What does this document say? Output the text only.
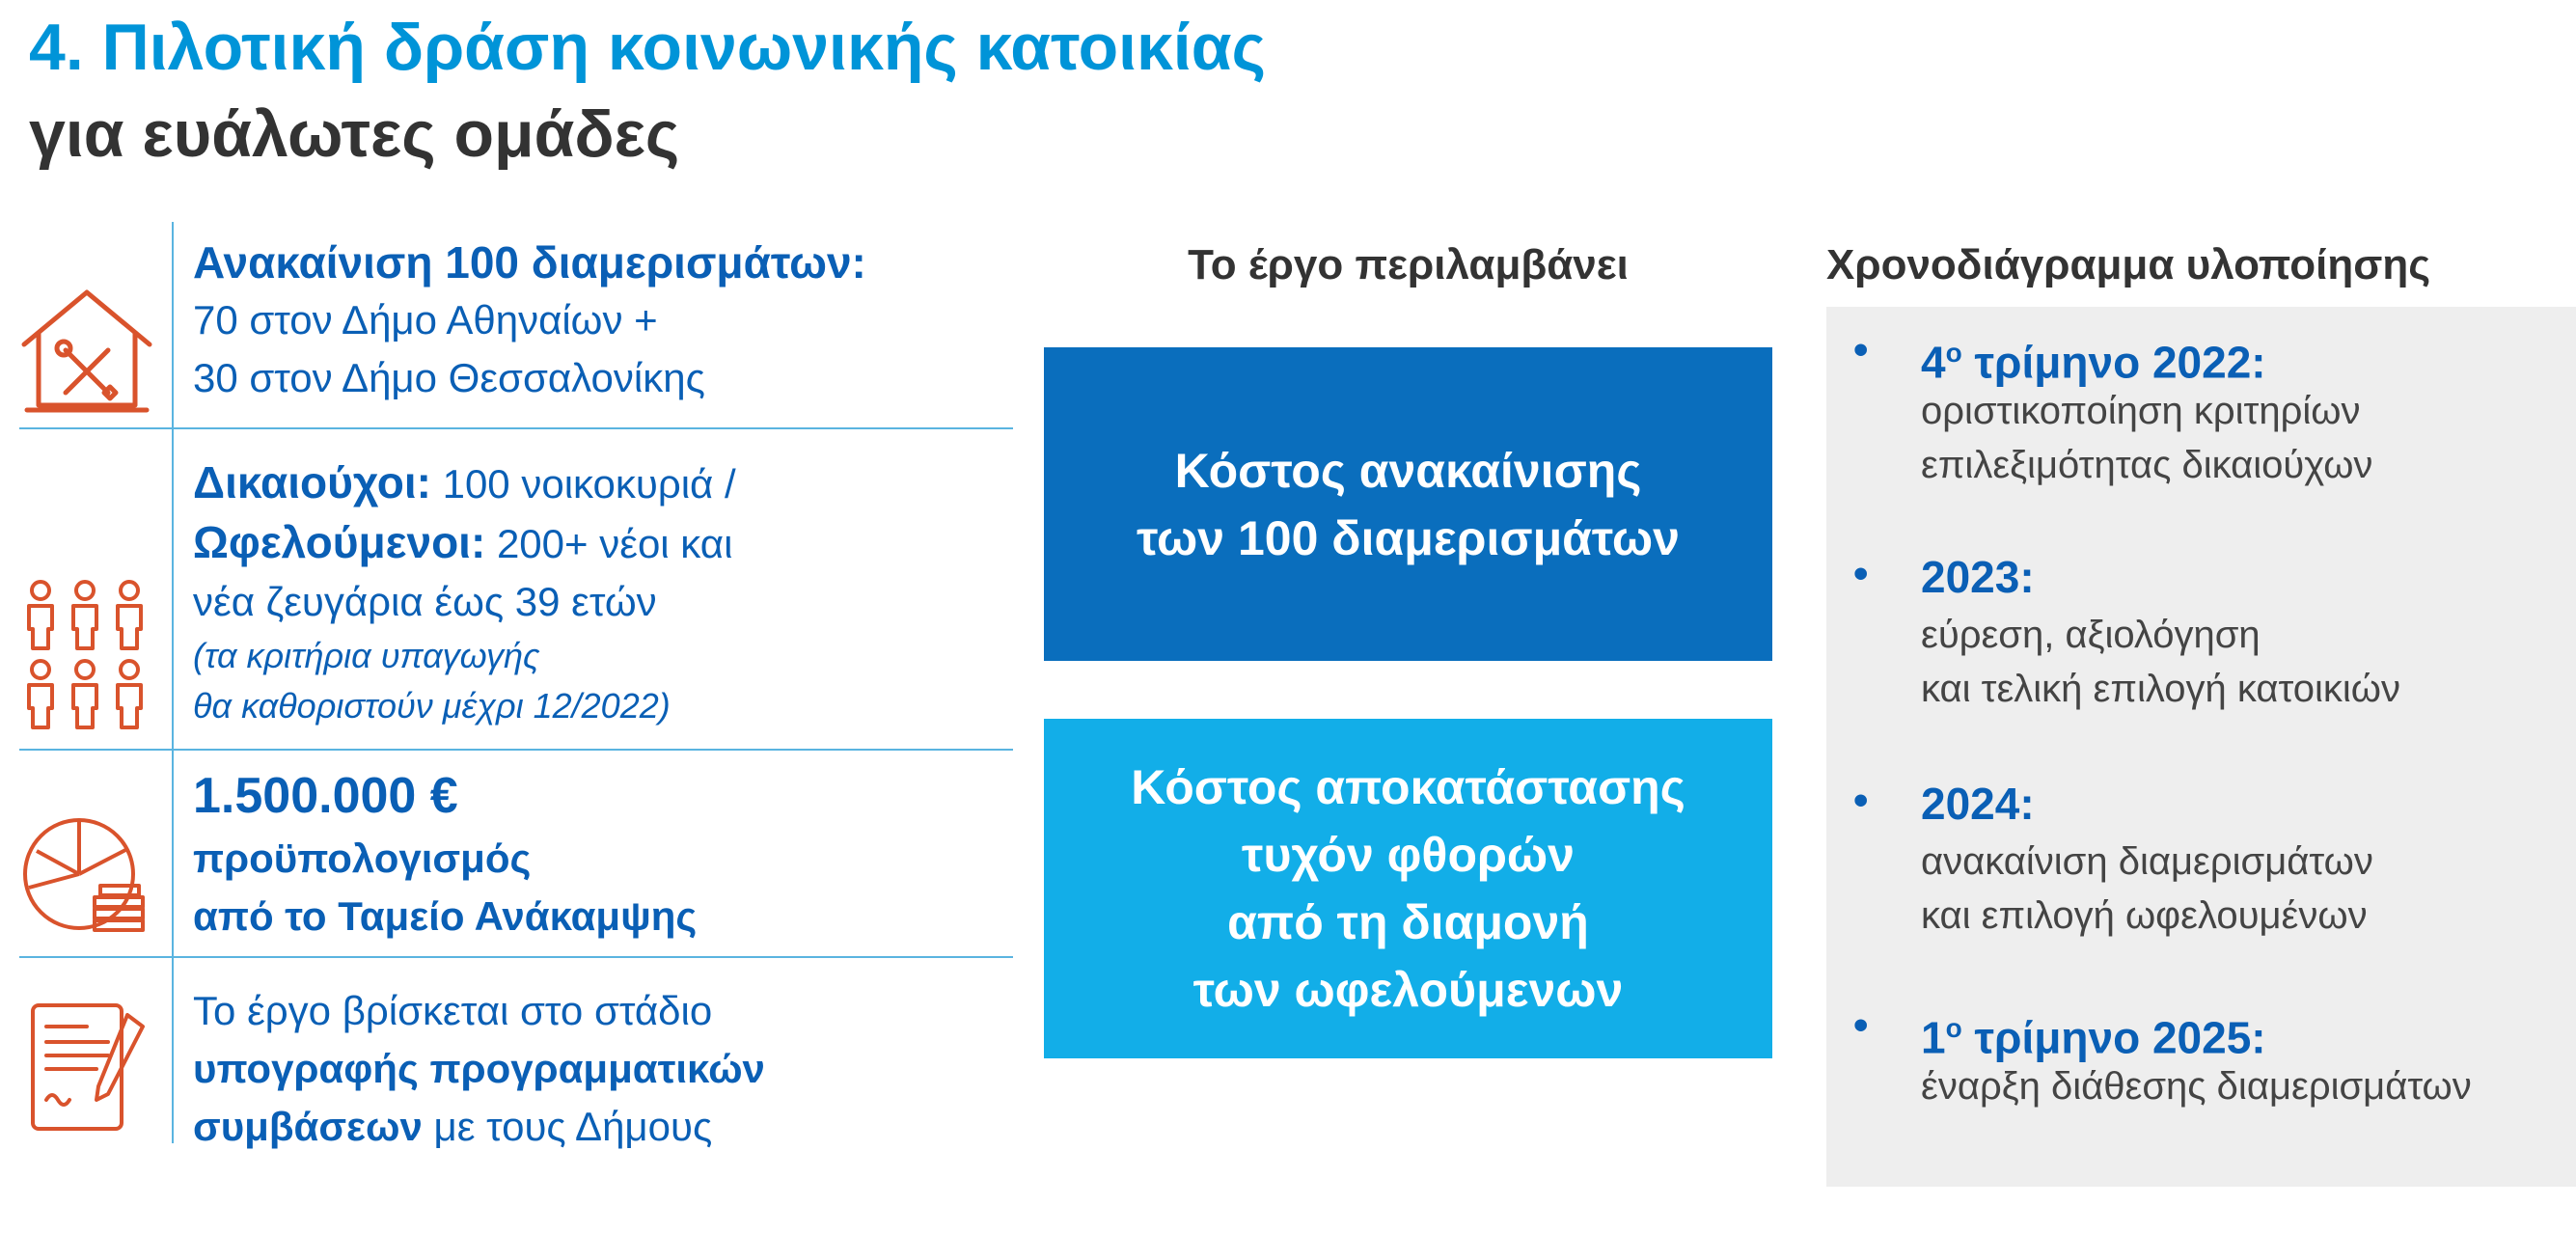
4. Πιλοτική δράση κοινωνικής κατοικίας
για ευάλωτες ομάδες
Ανακαίνιση 100 διαμερισμάτων:
70 στον Δήμο Αθηναίων +
30 στον Δήμο Θεσσαλονίκης
Δικαιούχοι: 100 νοικοκυριά /
Ωφελούμενοι: 200+ νέοι και
νέα ζευγάρια έως 39 ετών
(τα κριτήρια υπαγωγής
θα καθοριστούν μέχρι 12/2022)
1.500.000 €
προϋπολογισμός
από το Ταμείο Ανάκαμψης
Το έργο βρίσκεται στο στάδιο
υπογραφής προγραμματικών
συμβάσεων με τους Δήμους
Το έργο περιλαμβάνει
Κόστος ανακαίνισης
των 100 διαμερισμάτων
Κόστος αποκατάστασης
τυχόν φθορών
από τη διαμονή
των ωφελούμενων
Χρονοδιάγραμμα υλοποίησης
• $4^o$ τρίμηνο 2022:
οριστικοποίηση κριτηρίων
επιλεξιμότητας δικαιούχων
• 2023:
εύρεση, αξιολόγηση
και τελική επιλογή κατοικιών
• 2024:
ανακαίνιση διαμερισμάτων
και επιλογή ωφελουμένων
• $1^o$ τρίμηνο 2025:
έναρξη διάθεσης διαμερισμάτων
